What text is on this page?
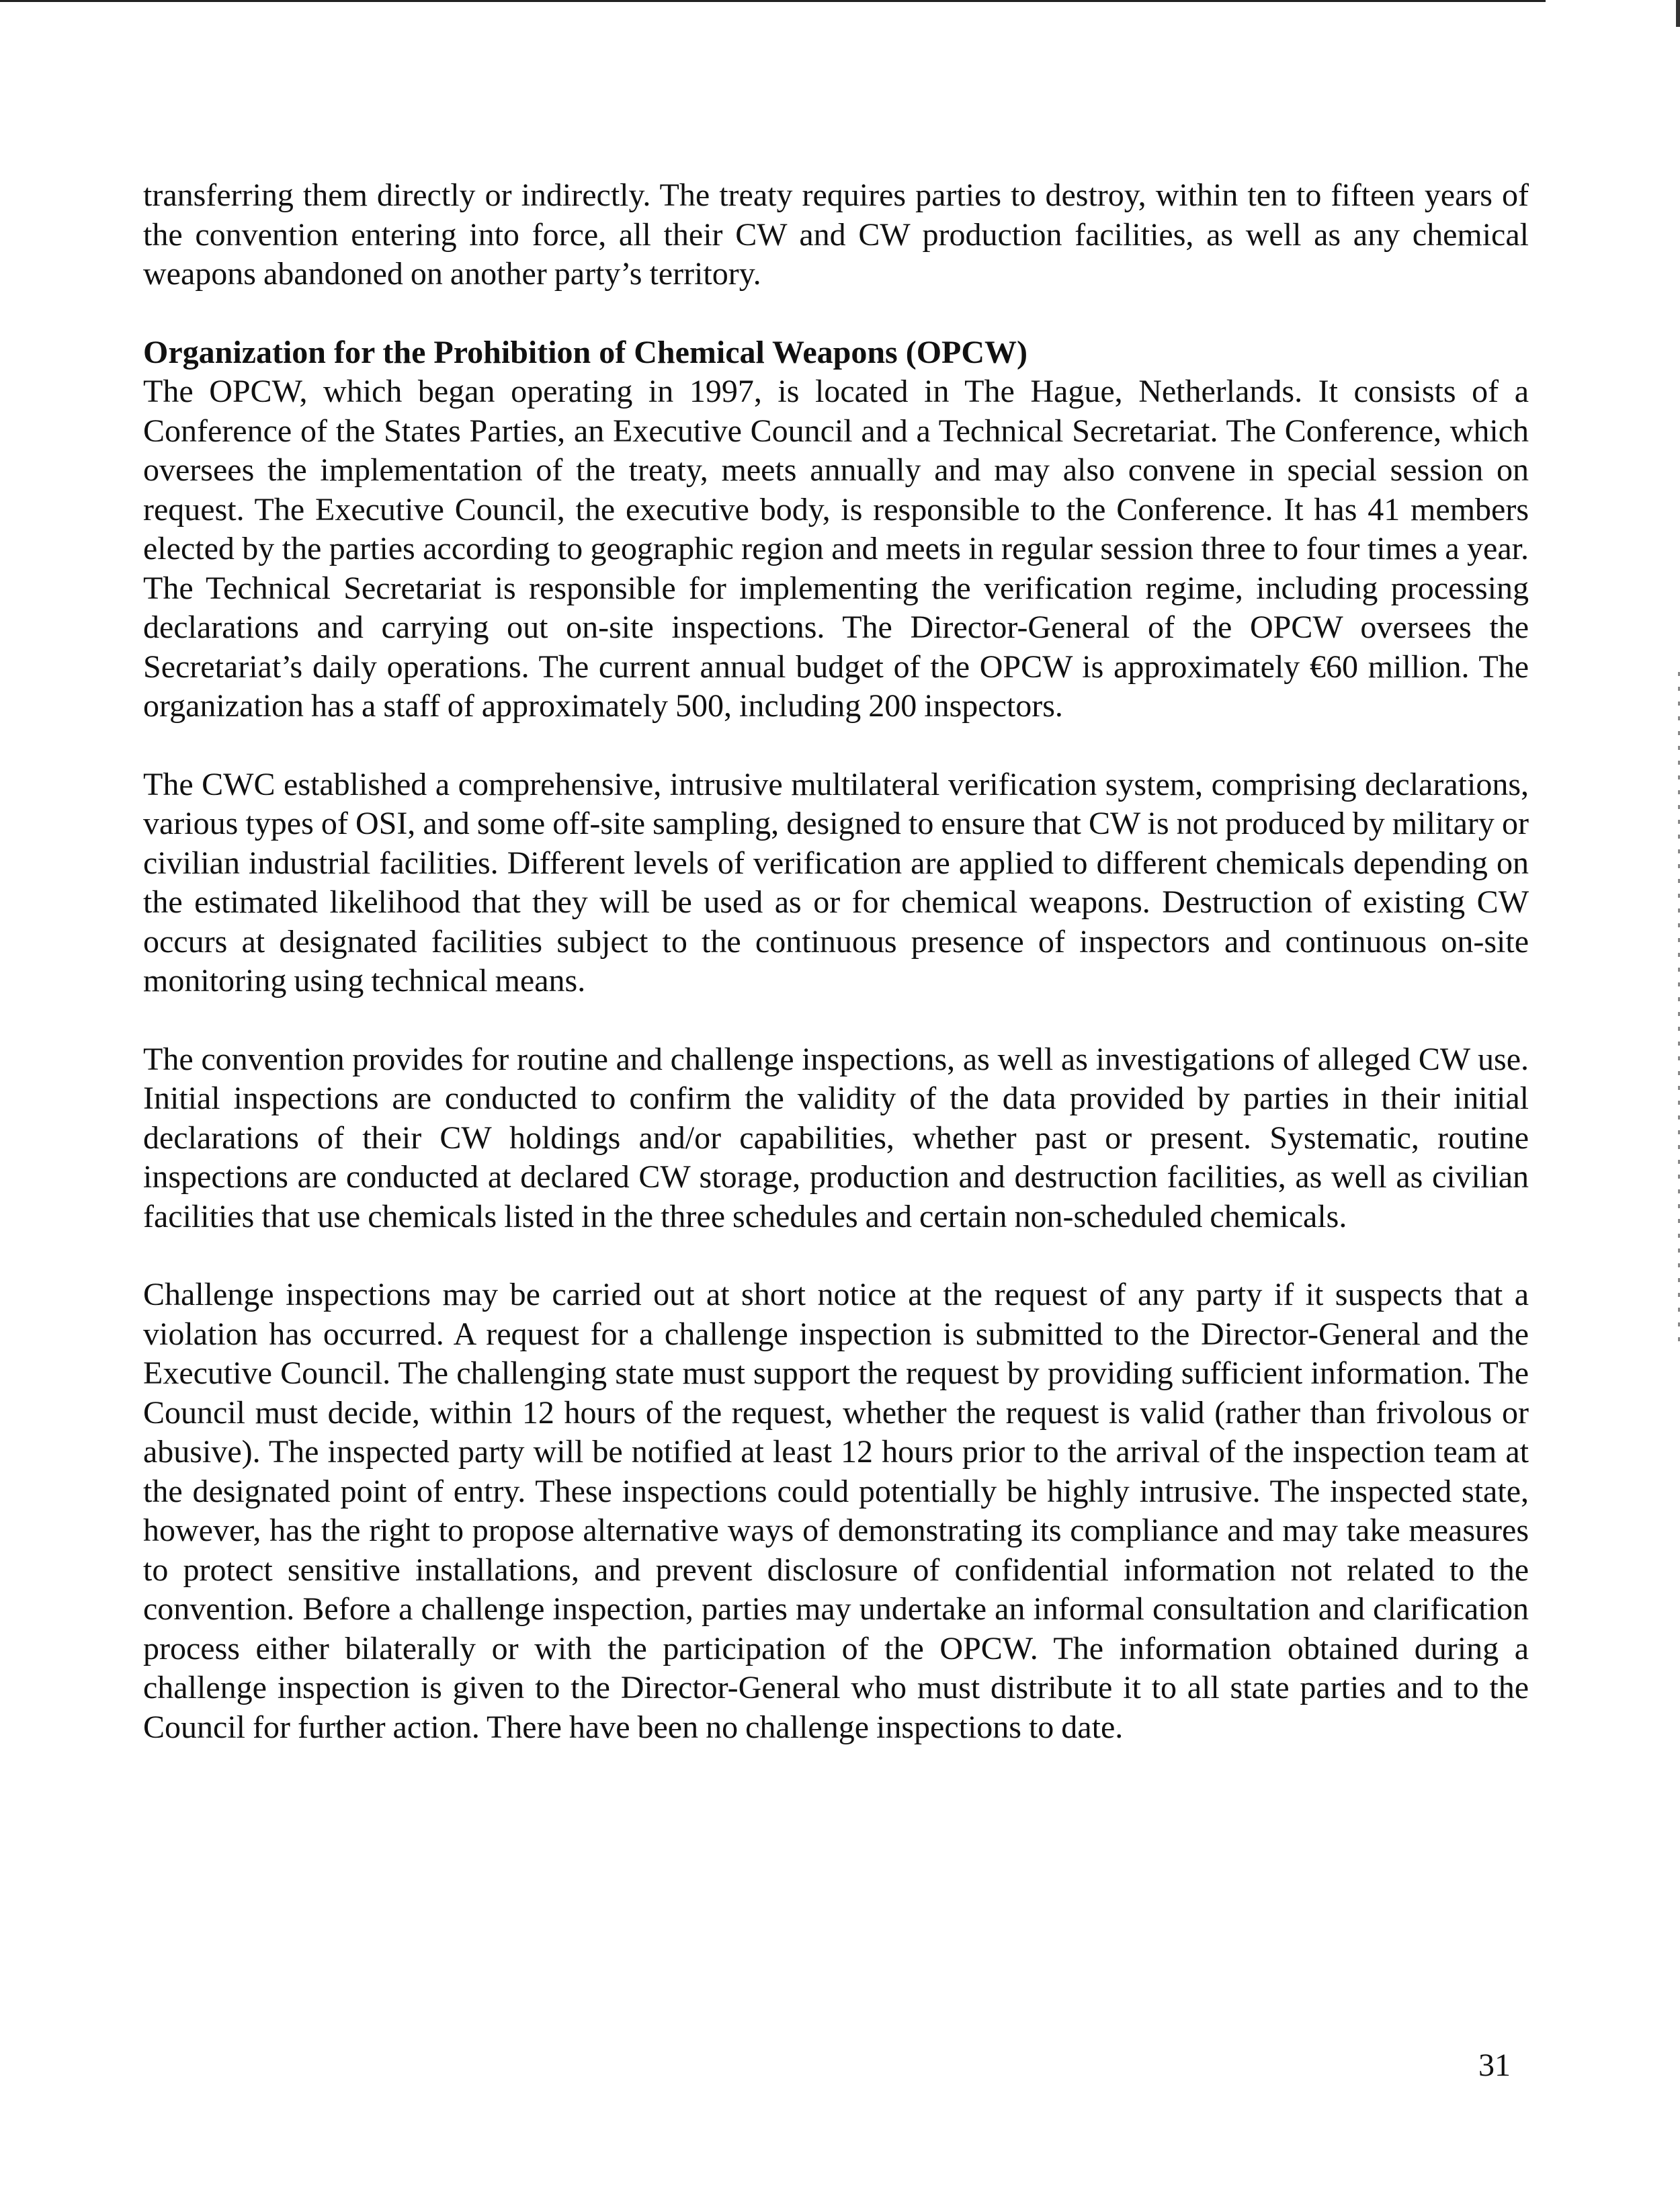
transferring them directly or indirectly. The treaty requires parties to destroy, within ten to fifteen years of the convention entering into force, all their CW and CW production facilities, as well as any chemical weapons abandoned on another party’s territory.

Organization for the Prohibition of Chemical Weapons (OPCW)

The OPCW, which began operating in 1997, is located in The Hague, Netherlands. It consists of a Conference of the States Parties, an Executive Council and a Technical Secretariat. The Conference, which oversees the implementation of the treaty, meets annually and may also convene in special session on request. The Executive Council, the executive body, is responsible to the Conference. It has 41 members elected by the parties according to geographic region and meets in regular session three to four times a year. The Technical Secretariat is responsible for implementing the verification regime, including processing declarations and carrying out on-site inspections. The Director-General of the OPCW oversees the Secretariat’s daily operations. The current annual budget of the OPCW is approximately €60 million. The organization has a staff of approximately 500, including 200 inspectors.

The CWC established a comprehensive, intrusive multilateral verification system, comprising declarations, various types of OSI, and some off-site sampling, designed to ensure that CW is not produced by military or civilian industrial facilities. Different levels of verification are applied to different chemicals depending on the estimated likelihood that they will be used as or for chemical weapons. Destruction of existing CW occurs at designated facilities subject to the continuous presence of inspectors and continuous on-site monitoring using technical means.

The convention provides for routine and challenge inspections, as well as investigations of alleged CW use. Initial inspections are conducted to confirm the validity of the data provided by parties in their initial declarations of their CW holdings and/or capabilities, whether past or present. Systematic, routine inspections are conducted at declared CW storage, production and destruction facilities, as well as civilian facilities that use chemicals listed in the three schedules and certain non-scheduled chemicals.

Challenge inspections may be carried out at short notice at the request of any party if it suspects that a violation has occurred. A request for a challenge inspection is submitted to the Director-General and the Executive Council. The challenging state must support the request by providing sufficient information. The Council must decide, within 12 hours of the request, whether the request is valid (rather than frivolous or abusive). The inspected party will be notified at least 12 hours prior to the arrival of the inspection team at the designated point of entry. These inspections could potentially be highly intrusive. The inspected state, however, has the right to propose alternative ways of demonstrating its compliance and may take measures to protect sensitive installations, and prevent disclosure of confidential information not related to the convention. Before a challenge inspection, parties may undertake an informal consultation and clarification process either bilaterally or with the participation of the OPCW. The information obtained during a challenge inspection is given to the Director-General who must distribute it to all state parties and to the Council for further action. There have been no challenge inspections to date.

31
